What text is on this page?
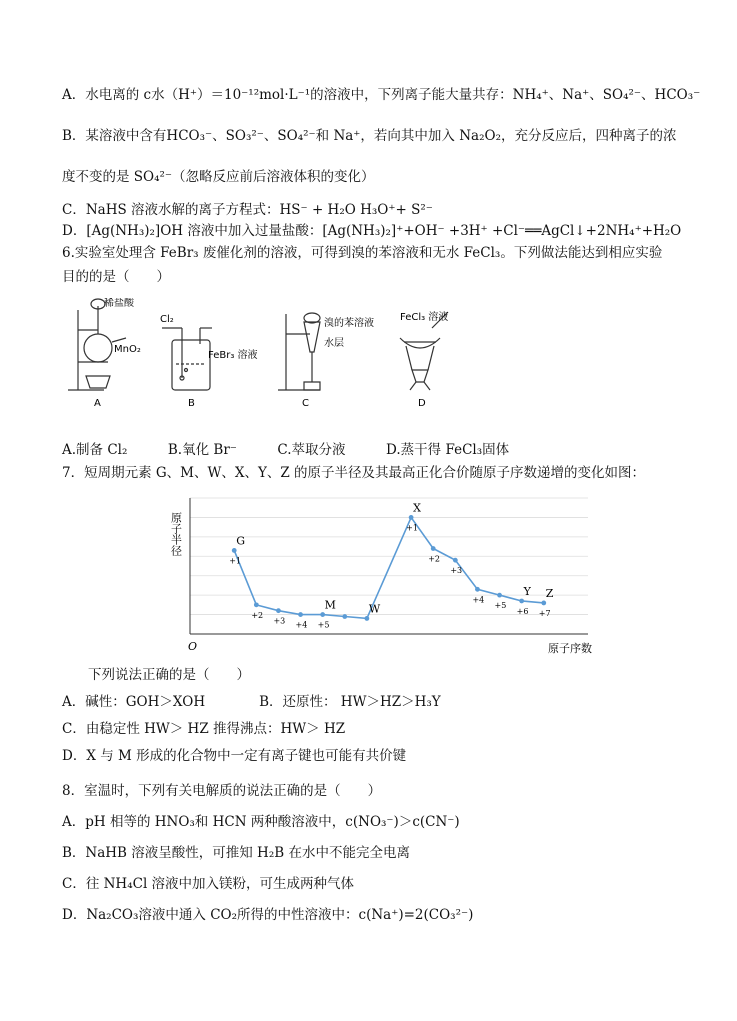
A．水电离的 c水（H⁺）＝10⁻¹²mol·L⁻¹的溶液中，下列离子能大量共存：NH₄⁺、Na⁺、SO₄²⁻、HCO₃⁻
B．某溶液中含有HCO₃⁻、SO₃²⁻、SO₄²⁻和 Na⁺，若向其中加入 Na₂O₂，充分反应后，四种离子的浓
度不变的是 SO₄²⁻（忽略反应前后溶液体积的变化）
C．NaHS 溶液水解的离子方程式：HS⁻ + H₂O H₃O⁺+ S²⁻
D．[Ag(NH₃)₂]OH 溶液中加入过量盐酸：[Ag(NH₃)₂]⁺+OH⁻ +3H⁺ +Cl⁻══AgCl↓+2NH₄⁺+H₂O
6.实验室处理含 FeBr₃ 废催化剂的溶液，可得到溴的苯溶液和无水 FeCl₃。下列做法能达到相应实验
目的的是（　　）
稀盐酸
MnO₂
A
Cl₂
FeBr₃ 溶液
B
溴的苯溶液
水层
C
FeCl₃ 溶液
D
A.制备 Cl₂　　　B.氧化 Br⁻　　　C.萃取分液　　　D.蒸干得 FeCl₃固体
7．短周期元素 G、M、W、X、Y、Z 的原子半径及其最高正化合价随原子序数递增的变化如图：
O
原子半径
原子序数
+1
+2
+3 +4 +5
+1
+2
+3
+4
+5
+6 +7
G
M	W
X
Y Z
下列说法正确的是（　　）
A．碱性：GOH＞XOH　　　　B．还原性： HW＞HZ＞H₃Y
C．由稳定性 HW＞ HZ 推得沸点：HW＞ HZ
D．X 与 M 形成的化合物中一定有离子键也可能有共价键
8．室温时，下列有关电解质的说法正确的是（　　）
A．pH 相等的 HNO₃和 HCN 两种酸溶液中，c(NO₃⁻)＞c(CN⁻)
B．NaHB 溶液呈酸性，可推知 H₂B 在水中不能完全电离
C．往 NH₄Cl 溶液中加入镁粉，可生成两种气体
D．Na₂CO₃溶液中通入 CO₂所得的中性溶液中：c(Na⁺)=2(CO₃²⁻)
